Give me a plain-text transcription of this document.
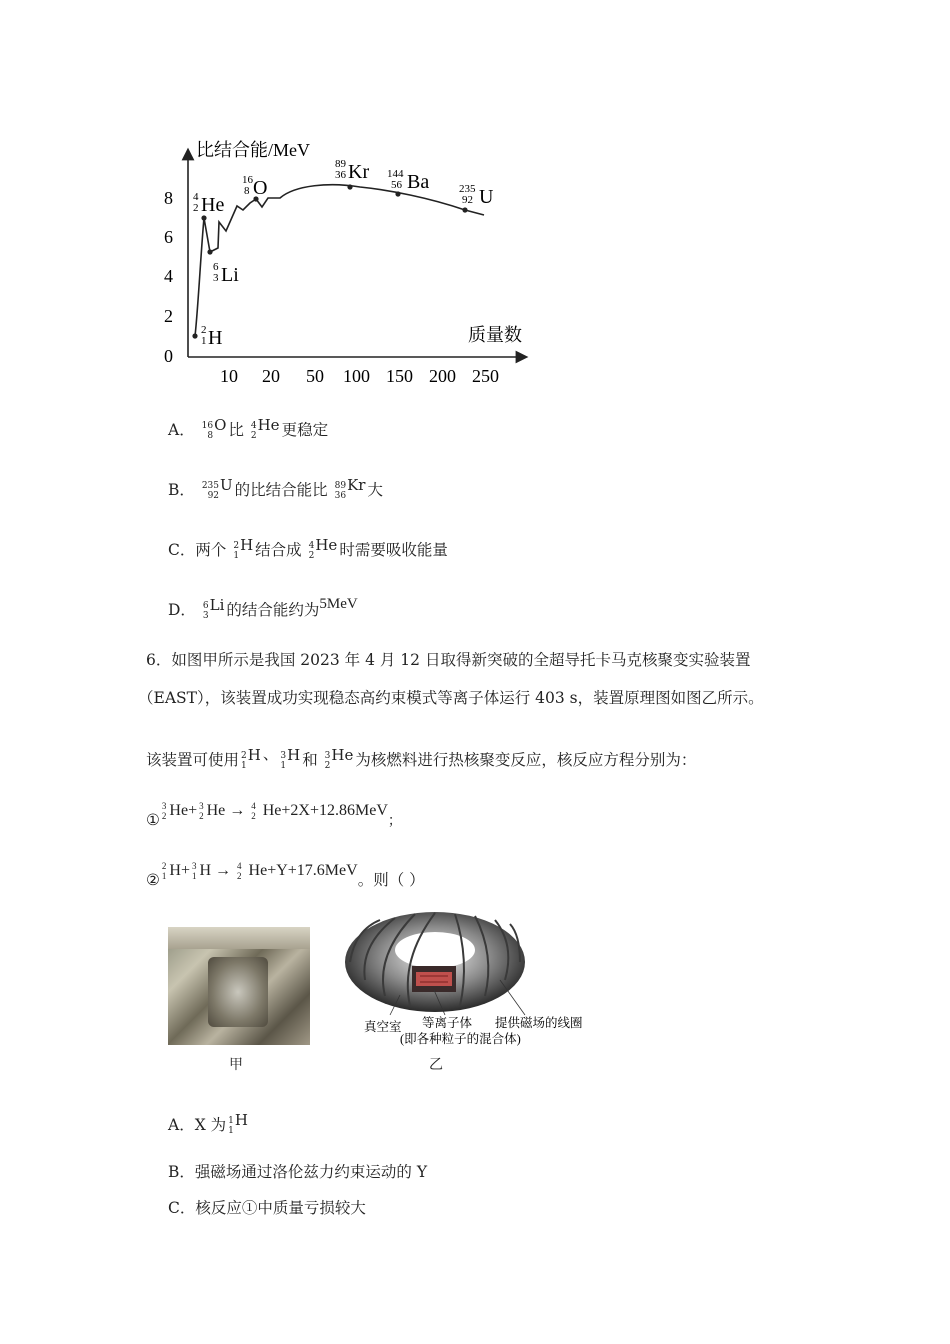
比结合能/MeV
质量数
0
2
4
6
8
10 20 50 100 150 200 250
2
1 H
4
2 He
6
3 Li
16
8 O
89
36 Kr 144
56 Ba	235
92 U
A． 16
8
O 比 4
2
He 更稳定
B． 235
92
U 的比结合能比 89
36
Kr 大
C．两个 2
1
H 结合成 4
2
He 时需要吸收能量
D． 6
3
Li 的结合能约为5MeV
6．如图甲所示是我国 2023 年 4 月 12 日取得新突破的全超导托卡马克核聚变实验装置
（EAST），该装置成功实现稳态高约束模式等离子体运行 403 s，装置原理图如图乙所示。
该装置可使用 2
1
H 、 3
1
H 和 3
2
He 为核燃料进行热核聚变反应，核反应方程分别为：
①
3
2 He+ 3
2 He → 4
2 He+2X+12.86MeV；
②
2
1 H+ 3
1 H → 4
2 He+Y+17.6MeV。则（ ）
甲
真空室 等离子体
(即各种粒子的混合体)
提供磁场的线圈
乙
A．X 为 1
1
H
B．强磁场通过洛伦兹力约束运动的 Y
C．核反应①中质量亏损较大
